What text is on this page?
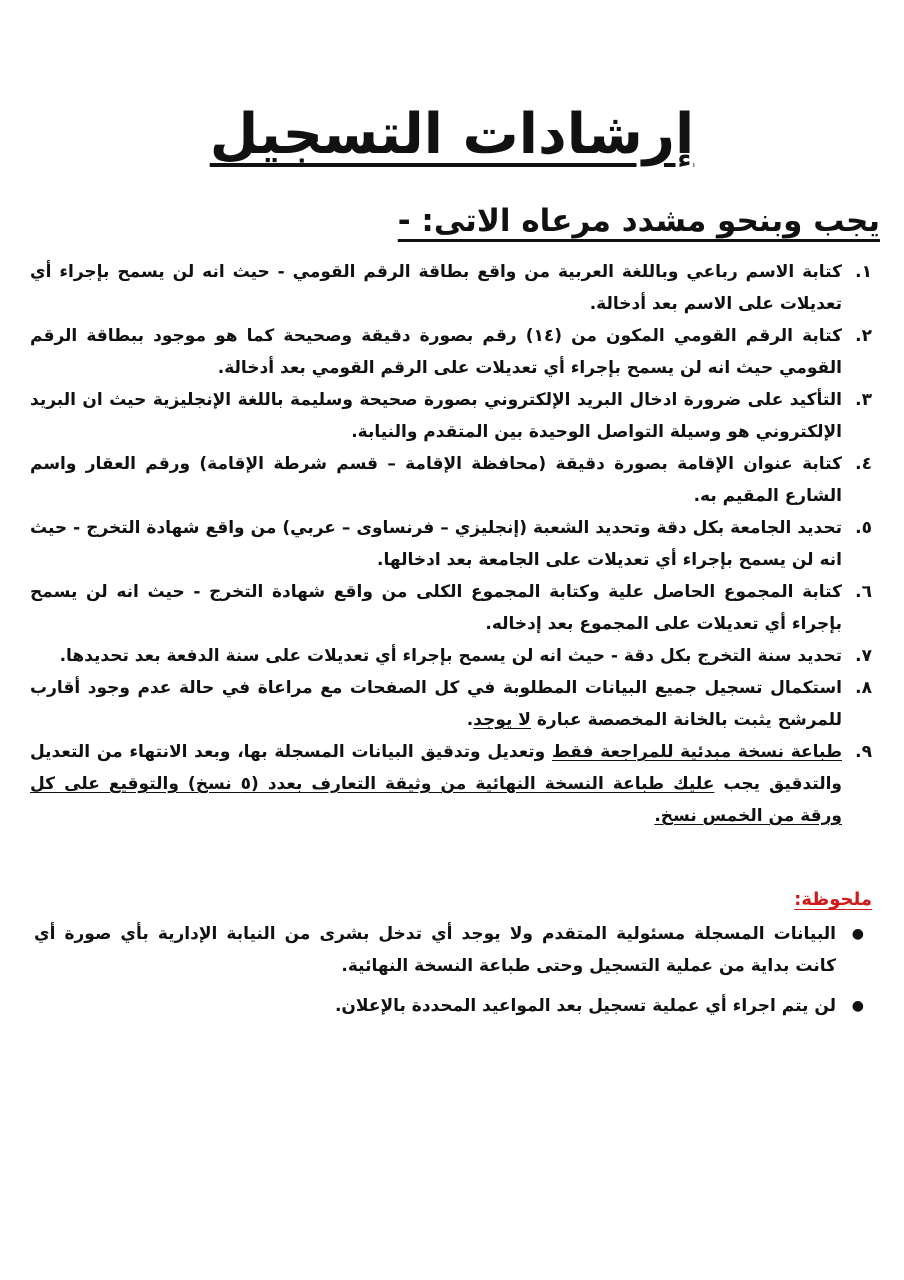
إرشادات التسجيل
يجب وبنحو مشدد مرعاه الاتى: -
١.
كتابة الاسم رباعي وباللغة العربية من واقع بطاقة الرقم القومي - حيث انه لن يسمح بإجراء أي تعديلات على الاسم بعد أدخالة.
٢.
كتابة الرقم القومي المكون من (١٤) رقم بصورة دقيقة وصحيحة كما هو موجود ببطاقة الرقم القومي حيث انه لن يسمح بإجراء أي تعديلات على الرقم القومي بعد أدخالة.
٣.
التأكيد على ضرورة ادخال البريد الإلكتروني بصورة صحيحة وسليمة باللغة الإنجليزية حيث ان البريد الإلكتروني هو وسيلة التواصل الوحيدة بين المتقدم والنيابة.
٤.
كتابة عنوان الإقامة بصورة دقيقة (محافظة الإقامة – قسم شرطة الإقامة) ورقم العقار واسم الشارع المقيم به.
٥.
تحديد الجامعة بكل دقة وتحديد الشعبة (إنجليزي – فرنساوى – عربي) من واقع شهادة التخرج - حيث انه لن يسمح بإجراء أي تعديلات على الجامعة بعد ادخالها.
٦.
كتابة المجموع الحاصل علية وكتابة المجموع الكلى من واقع شهادة التخرج - حيث انه لن يسمح بإجراء أي تعديلات على المجموع بعد إدخاله.
٧.
تحديد سنة التخرج بكل دقة - حيث انه لن يسمح بإجراء أي تعديلات على سنة الدفعة بعد تحديدها.
٨.
استكمال تسجيل جميع البيانات المطلوبة في كل الصفحات مع مراعاة في حالة عدم وجود أقارب للمرشح يثبت بالخانة المخصصة عبارة لا يوجد.
٩.
طباعة نسخة مبدئية للمراجعة فقط وتعديل وتدقيق البيانات المسجلة بها، وبعد الانتهاء من التعديل والتدقيق يجب عليك طباعة النسخة النهائية من وثيقة التعارف بعدد (٥ نسخ) والتوقيع على كل ورقة من الخمس نسخ.
ملحوظة:
●
البيانات المسجلة مسئولية المتقدم ولا يوجد أي تدخل بشرى من النيابة الإدارية بأي صورة أي كانت بداية من عملية التسجيل وحتى طباعة النسخة النهائية.
●
لن يتم اجراء أي عملية تسجيل بعد المواعيد المحددة بالإعلان.
